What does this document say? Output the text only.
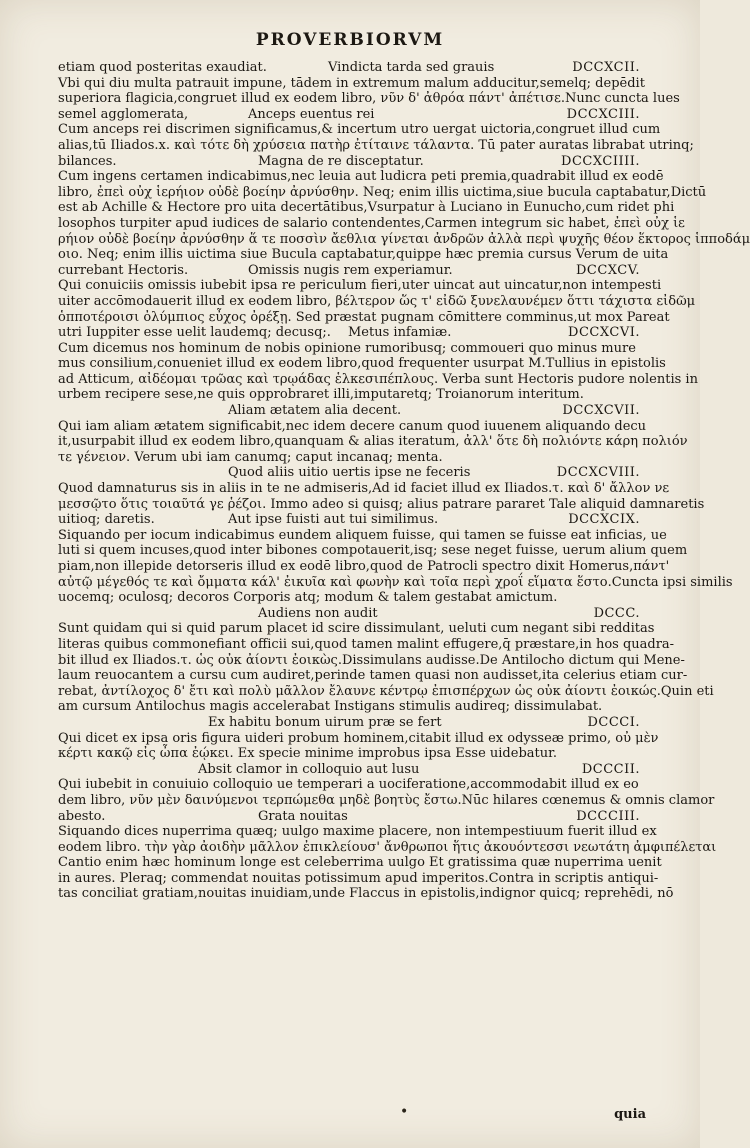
PROVERBIORVM
etiam quod posteritas exaudiat.	Vindicta tarda sed grauis	DCCXCII.
Vbi qui diu multa patrauit impune, tādem in extremum malum adducitur,semelq; depēdit
superiora flagicia,congruet illud ex eodem libro, νῦν δ' ἀθρόα πάντ' ἀπέτισε.Nunc cuncta lues
semel agglomerata,	Anceps euentus rei	DCCXCIII.
Cum anceps rei discrimen significamus,& incertum utro uergat uictoria,congruet illud cum
alias,tū Iliados.x. καὶ τότε δὴ χρύσεια πατὴρ ἐτίταινε τάλαντα. Tū pater auratas librabat utrinq;
bilances.	Magna de re disceptatur.	DCCXCIIII.
Cum ingens certamen indicabimus,nec leuia aut ludicra peti premia,quadrabit illud ex eodē
libro, ἐπεὶ οὐχ ἱερήιον οὐδὲ βοείην ἀρνύσθην. Neq; enim illis uictima,siue bucula captabatur,Dictū
est ab Achille & Hectore pro uita decertātibus,Vsurpatur à Luciano in Eunucho,cum ridet phi
losophos turpiter apud iudices de salario contendentes,Carmen integrum sic habet, ἐπεὶ οὐχ ἱε
ρήιον οὐδὲ βοείην ἀρνύσθην ἅ τε ποσσὶν ἄεθλια γίνεται ἀνδρῶν ἀλλὰ περὶ ψυχῆς θέον ἕκτορος ἱπποδάμ
οιο. Neq; enim illis uictima siue Bucula captabatur,quippe hæc premia cursus Verum de uita
currebant Hectoris.	Omissis nugis rem experiamur.	DCCXCV.
Qui conuiciis omissis iubebit ipsa re periculum fieri,uter uincat aut uincatur,non intempesti
uiter accōmodauerit illud ex eodem libro, βέλτερον ὥς τ' εἰδῶ ξυνελαυνέμεν ὅττι τάχιστα εἰδῶμ
ὁπποτέροισι ὀλύμπιος εὖχος ὀρέξῃ. Sed præstat pugnam cōmittere comminus,ut mox Pareat
utri Iuppiter esse uelit laudemq; decusq;. Metus infamiæ.	DCCXCVI.
Cum dicemus nos hominum de nobis opinione rumoribusq; commoueri quo minus mure
mus consilium,conueniet illud ex eodem libro,quod frequenter usurpat M.Tullius in epistolis
ad Atticum, αἰδέομαι τρῶας καὶ τρῳάδας ἑλκεσιπέπλους. Verba sunt Hectoris pudore nolentis in
urbem recipere sese,ne quis opprobraret illi,imputaretq; Troianorum interitum.
Aliam ætatem alia decent.	DCCXCVII.
Qui iam aliam ætatem significabit,nec idem decere canum quod iuuenem aliquando decu
it,usurpabit illud ex eodem libro,quanquam & alias iteratum, ἀλλ' ὅτε δὴ πολιόντε κάρη πολιόν
τε γένειον. Verum ubi iam canumq; caput incanaq; menta.
Quod aliis uitio uertis ipse ne feceris	DCCXCVIII.
Quod damnaturus sis in aliis in te ne admiseris,Ad id faciet illud ex Iliados.τ. καὶ δ' ἄλλον νε
μεσσῷτο ὅτις τοιαῦτά γε ῥέζοι. Immo adeo si quisq; alius patrare pararet Tale aliquid damnaretis
uitioq; daretis.	Aut ipse fuisti aut tui similimus.	DCCXCIX.
Siquando per iocum indicabimus eundem aliquem fuisse, qui tamen se fuisse eat inficias, ue
luti si quem incuses,quod inter bibones compotauerit,isq; sese neget fuisse, uerum alium quem
piam,non illepide detorseris illud ex eodē libro,quod de Patrocli spectro dixit Homerus,πάντ'
αὐτῷ μέγεθός τε καὶ ὄμματα κάλ' ἐικυῖα καὶ φωνὴν καὶ τοῖα περὶ χροΐ εἵματα ἕστο.Cuncta ipsi similis
uocemq; oculosq; decoros Corporis atq; modum & talem gestabat amictum.
Audiens non audit	DCCC.
Sunt quidam qui si quid parum placet id scire dissimulant, ueluti cum negant sibi redditas
literas quibus commonefiant officii sui,quod tamen malint effugere,q̄ præstare,in hos quadra-
bit illud ex Iliados.τ. ὡς οὐκ ἀίοντι ἐοικὼς.Dissimulans audisse.De Antilocho dictum qui Mene-
laum reuocantem a cursu cum audiret,perinde tamen quasi non audisset,ita celerius etiam cur-
rebat, ἀντίλοχος δ' ἔτι καὶ πολὺ μᾶλλον ἔλαυνε κέντρῳ ἐπισπέρχων ὡς οὐκ ἀίοντι ἐοικώς.Quin eti
am cursum Antilochus magis accelerabat Instigans stimulis audireq; dissimulabat.
Ex habitu bonum uirum præ se fert	DCCCI.
Qui dicet ex ipsa oris figura uideri probum hominem,citabit illud ex odysseæ primo, οὐ μὲν
κέρτι κακῷ εἰς ὦπα ἐῴκει. Ex specie minime improbus ipsa Esse uidebatur.
Absit clamor in colloquio aut lusu	DCCCII.
Qui iubebit in conuiuio colloquio ue temperari a uociferatione,accommodabit illud ex eo
dem libro, νῦν μὲν δαινύμενοι τερπώμεθα μηδὲ βοητὺς ἔστω.Nūc hilares cœnemus & omnis clamor
abesto.	Grata nouitas	DCCCIII.
Siquando dices nuperrima quæq; uulgo maxime placere, non intempestiuum fuerit illud ex
eodem libro. τὴν γὰρ ἀοιδὴν μᾶλλον ἐπικλείουσ' ἄνθρωποι ἥτις ἀκουόντεσσι νεωτάτη ἀμφιπέλεται
Cantio enim hæc hominum longe est celeberrima uulgo Et gratissima quæ nuperrima uenit
in aures. Pleraq; commendat nouitas potissimum apud imperitos.Contra in scriptis antiqui-
tas conciliat gratiam,nouitas inuidiam,unde Flaccus in epistolis,indignor quicq; reprehēdi, nō
•	quia
